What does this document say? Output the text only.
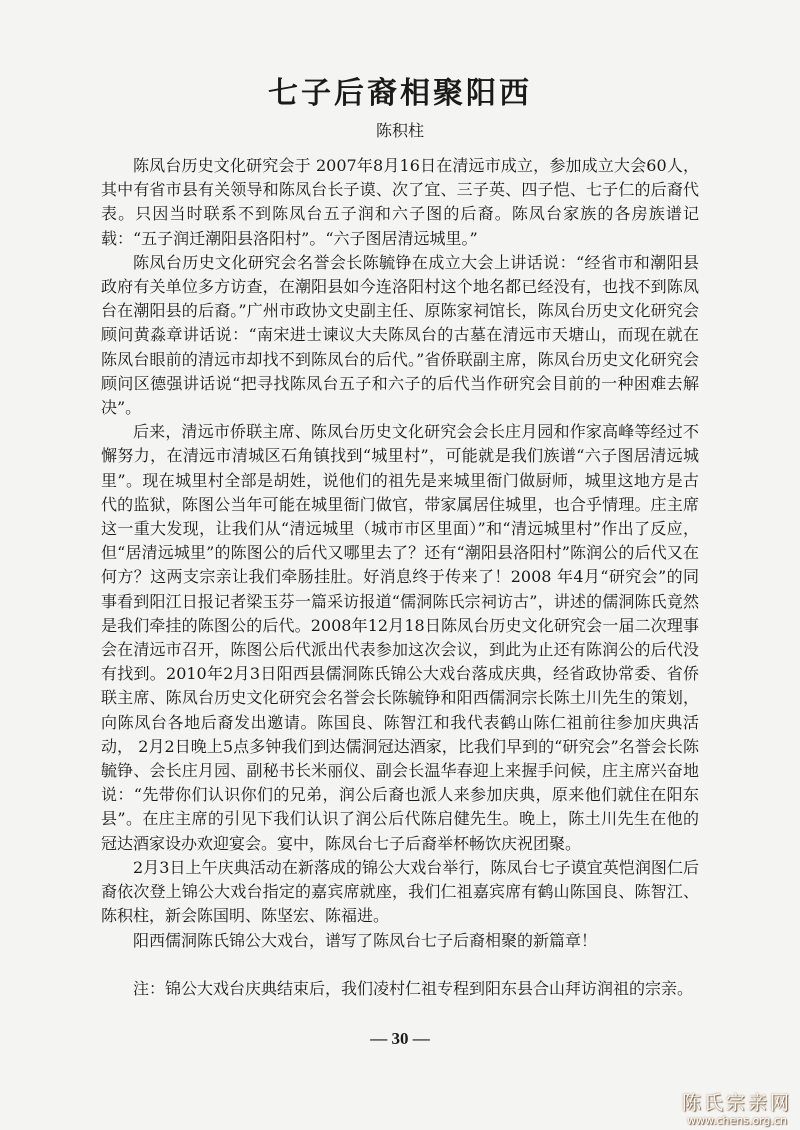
七子后裔相聚阳西
陈积柱

陈凤台历史文化研究会于 2007年8月16日在清远市成立，参加成立大会60人，其中有省市县有关领导和陈凤台长子谟、次了宜、三子英、四子恺、七子仁的后裔代表。只因当时联系不到陈凤台五子润和六子图的后裔。陈凤台家族的各房族谱记载：“五子润迁潮阳县洛阳村”。“六子图居清远城里。”

陈凤台历史文化研究会名誉会长陈毓铮在成立大会上讲话说：“经省市和潮阳县政府有关单位多方访查，在潮阳县如今连洛阳村这个地名都已经没有，也找不到陈凤台在潮阳县的后裔。”广州市政协文史副主任、原陈家祠馆长，陈凤台历史文化研究会顾问黄淼章讲话说：“南宋进士谏议大夫陈凤台的古墓在清远市天塘山，而现在就在陈凤台眼前的清远市却找不到陈凤台的后代。”省侨联副主席，陈凤台历史文化研究会顾问区德强讲话说“把寻找陈凤台五子和六子的后代当作研究会目前的一种困难去解决”。

后来，清远市侨联主席、陈凤台历史文化研究会会长庄月园和作家高峰等经过不懈努力，在清远市清城区石角镇找到“城里村”，可能就是我们族谱“六子图居清远城里”。现在城里村全部是胡姓，说他们的祖先是来城里衙门做厨师，城里这地方是古代的监狱，陈图公当年可能在城里衙门做官，带家属居住城里，也合乎情理。庄主席这一重大发现，让我们从“清远城里（城市市区里面）”和“清远城里村”作出了反应，但“居清远城里”的陈图公的后代又哪里去了？还有“潮阳县洛阳村”陈润公的后代又在何方？这两支宗亲让我们牵肠挂肚。好消息终于传来了！2008 年4月“研究会”的同事看到阳江日报记者梁玉芬一篇采访报道“儒洞陈氏宗祠访古”，讲述的儒洞陈氏竟然是我们牵挂的陈图公的后代。2008年12月18日陈凤台历史文化研究会一届二次理事会在清远市召开，陈图公后代派出代表参加这次会议，到此为止还有陈润公的后代没有找到。2010年2月3日阳西县儒洞陈氏锦公大戏台落成庆典，经省政协常委、省侨联主席、陈凤台历史文化研究会名誉会长陈毓铮和阳西儒洞宗长陈土川先生的策划，向陈凤台各地后裔发出邀请。陈国良、陈智江和我代表鹤山陈仁祖前往参加庆典活动， 2月2日晚上5点多钟我们到达儒洞冠达酒家，比我们早到的“研究会”名誉会长陈毓铮、会长庄月园、副秘书长米丽仪、副会长温华春迎上来握手问候，庄主席兴奋地说：“先带你们认识你们的兄弟，润公后裔也派人来参加庆典，原来他们就住在阳东县”。在庄主席的引见下我们认识了润公后代陈启健先生。晚上，陈土川先生在他的冠达酒家设办欢迎宴会。宴中，陈凤台七子后裔举杯畅饮庆祝团聚。

2月3日上午庆典活动在新落成的锦公大戏台举行，陈凤台七子谟宜英恺润图仁后裔依次登上锦公大戏台指定的嘉宾席就座，我们仁祖嘉宾席有鹤山陈国良、陈智江、陈积柱，新会陈国明、陈坚宏、陈福进。

阳西儒洞陈氏锦公大戏台，谱写了陈凤台七子后裔相聚的新篇章！

注：锦公大戏台庆典结束后，我们凌村仁祖专程到阳东县合山拜访润祖的宗亲。

— 30 —
陈氏宗亲网
www.chens.org.cn
